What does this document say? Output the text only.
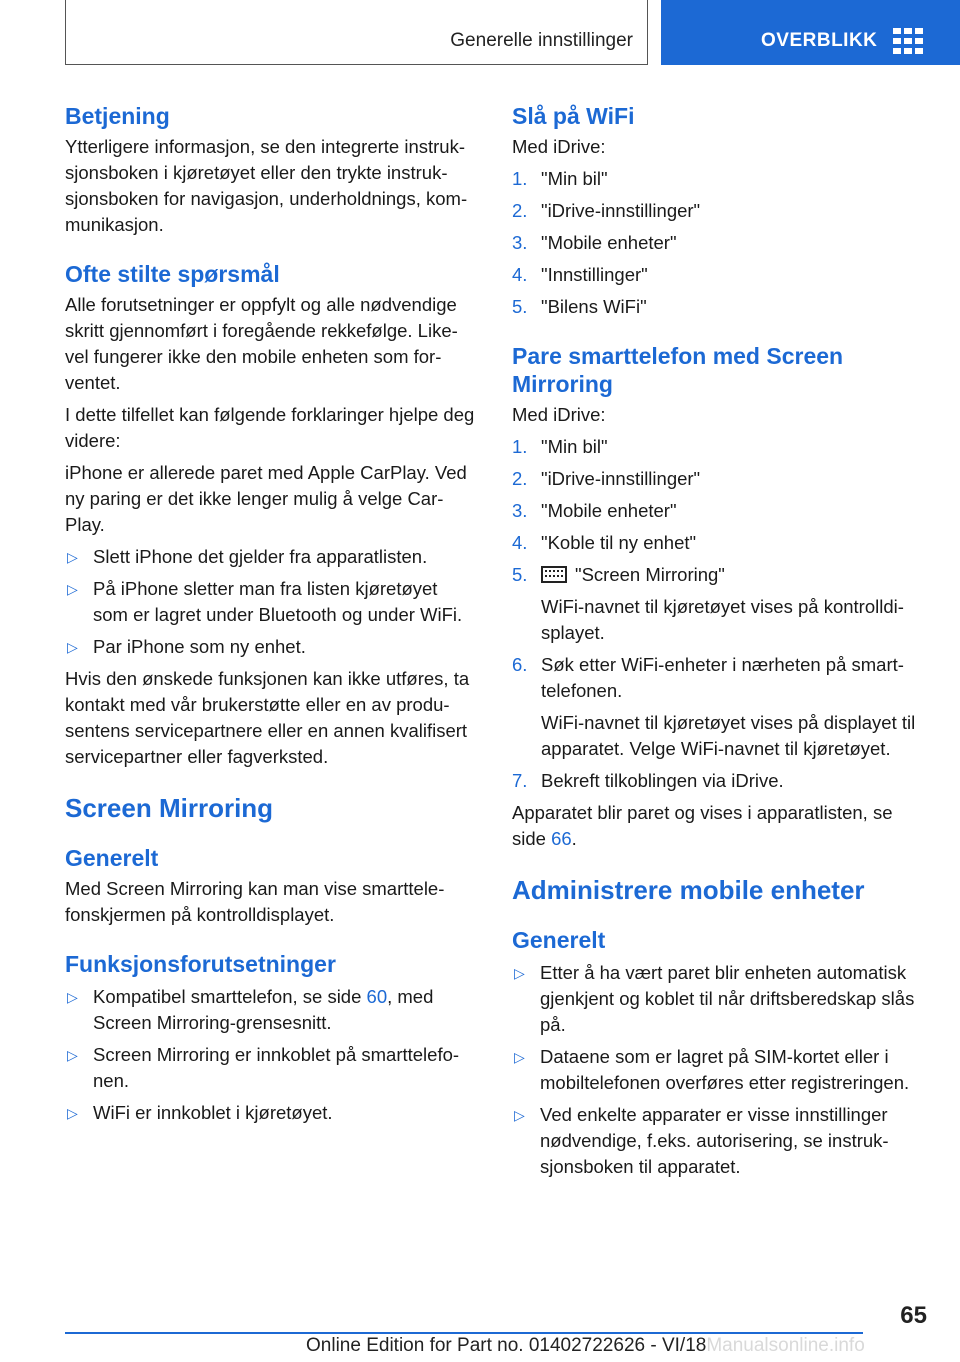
Generelle innstillinger	OVERBLIKK
Betjening

Ytterligere informasjon, se den integrerte instruk-sjonsboken i kjøretøyet eller den trykte instruk-sjonsboken for navigasjon, underholdnings, kom-munikasjon.

Ofte stilte spørsmål

Alle forutsetninger er oppfylt og alle nødvendige skritt gjennomført i foregående rekkefølge. Like-vel fungerer ikke den mobile enheten som for-ventet.

I dette tilfellet kan følgende forklaringer hjelpe deg videre:

iPhone er allerede paret med Apple CarPlay. Ved ny paring er det ikke lenger mulig å velge Car-Play.

▷ Slett iPhone det gjelder fra apparatlisten.
▷ På iPhone sletter man fra listen kjøretøyet som er lagret under Bluetooth og under WiFi.
▷ Par iPhone som ny enhet.

Hvis den ønskede funksjonen kan ikke utføres, ta kontakt med vår brukerstøtte eller en av produ-sentens servicepartnere eller en annen kvalifisert servicepartner eller fagverksted.

Screen Mirroring
Generelt

Med Screen Mirroring kan man vise smarttele-fonskjermen på kontrolldisplayet.

Funksjonsforutsetninger
▷ Kompatibel smarttelefon, se side 60, med Screen Mirroring-grensesnitt.
▷ Screen Mirroring er innkoblet på smarttelefo-nen.
▷ WiFi er innkoblet i kjøretøyet.
Slå på WiFi

Med iDrive:

1. "Min bil"
2. "iDrive-innstillinger"
3. "Mobile enheter"
4. "Innstillinger"
5. "Bilens WiFi"
Pare smarttelefon med Screen Mirroring

Med iDrive:

1. "Min bil"
2. "iDrive-innstillinger"
3. "Mobile enheter"
4. "Koble til ny enhet"
5.	"Screen Mirroring"
WiFi-navnet til kjøretøyet vises på kontrolldi-splayet.
6. Søk etter WiFi-enheter i nærheten på smart-telefonen.
WiFi-navnet til kjøretøyet vises på displayet til apparatet. Velge WiFi-navnet til kjøretøyet.
7. Bekreft tilkoblingen via iDrive.

Apparatet blir paret og vises i apparatlisten, se side 66.

Administrere mobile enheter
Generelt
▷ Etter å ha vært paret blir enheten automatisk gjenkjent og koblet til når driftsberedskap slås på.
▷ Dataene som er lagret på SIM-kortet eller i mobiltelefonen overføres etter registreringen.
▷ Ved enkelte apparater er visse innstillinger nødvendige, f.eks. autorisering, se instruk-sjonsboken til apparatet.
65
Online Edition for Part no. 01402722626 - VI/18Manualsonline.info
